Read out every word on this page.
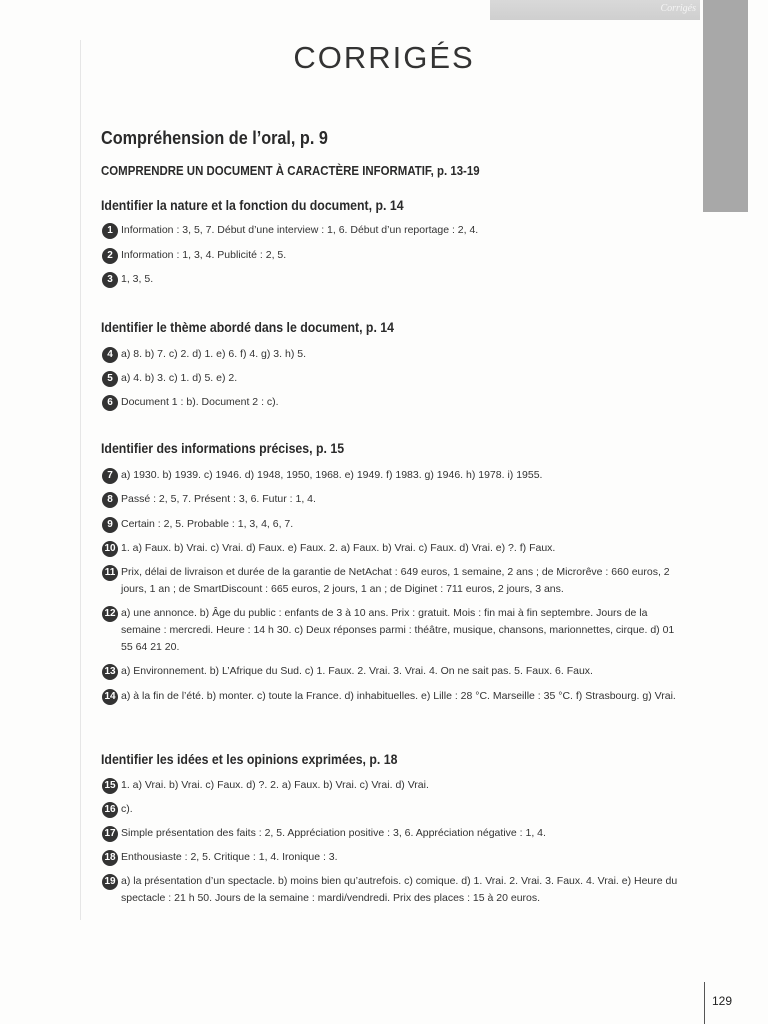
Corrigés
CORRIGÉS
Compréhension de l’oral, p. 9
COMPRENDRE UN DOCUMENT À CARACTÈRE INFORMATIF, p. 13-19
Identifier la nature et la fonction du document, p. 14
1 Information : 3, 5, 7. Début d’une interview : 1, 6. Début d’un reportage : 2, 4.
2 Information : 1, 3, 4. Publicité : 2, 5.
3 1, 3, 5.
Identifier le thème abordé dans le document, p. 14
4 a) 8. b) 7. c) 2. d) 1. e) 6. f) 4. g) 3. h) 5.
5 a) 4. b) 3. c) 1. d) 5. e) 2.
6 Document 1 : b). Document 2 : c).
Identifier des informations précises, p. 15
7 a) 1930. b) 1939. c) 1946. d) 1948, 1950, 1968. e) 1949. f) 1983. g) 1946. h) 1978. i) 1955.
8 Passé : 2, 5, 7. Présent : 3, 6. Futur : 1, 4.
9 Certain : 2, 5. Probable : 1, 3, 4, 6, 7.
10 1. a) Faux. b) Vrai. c) Vrai. d) Faux. e) Faux. 2. a) Faux. b) Vrai. c) Faux. d) Vrai. e) ?. f) Faux.
11 Prix, délai de livraison et durée de la garantie de NetAchat : 649 euros, 1 semaine, 2 ans ; de Microrêve : 660 euros, 2 jours, 1 an ; de SmartDiscount : 665 euros, 2 jours, 1 an ; de Diginet : 711 euros, 2 jours, 3 ans.
12 a) une annonce. b) Âge du public : enfants de 3 à 10 ans. Prix : gratuit. Mois : fin mai à fin septembre. Jours de la semaine : mercredi. Heure : 14 h 30. c) Deux réponses parmi : théâtre, musique, chansons, marionnettes, cirque. d) 01 55 64 21 20.
13 a) Environnement. b) L’Afrique du Sud. c) 1. Faux. 2. Vrai. 3. Vrai. 4. On ne sait pas. 5. Faux. 6. Faux.
14 a) à la fin de l’été. b) monter. c) toute la France. d) inhabituelles. e) Lille : 28 °C. Marseille : 35 °C. f) Strasbourg. g) Vrai.
Identifier les idées et les opinions exprimées, p. 18
15 1. a) Vrai. b) Vrai. c) Faux. d) ?. 2. a) Faux. b) Vrai. c) Vrai. d) Vrai.
16 c).
17 Simple présentation des faits : 2, 5. Appréciation positive : 3, 6. Appréciation négative : 1, 4.
18 Enthousiaste : 2, 5. Critique : 1, 4. Ironique : 3.
19 a) la présentation d’un spectacle. b) moins bien qu’autrefois. c) comique. d) 1. Vrai. 2. Vrai. 3. Faux. 4. Vrai. e) Heure du spectacle : 21 h 50. Jours de la semaine : mardi/vendredi. Prix des places : 15 à 20 euros.
129
